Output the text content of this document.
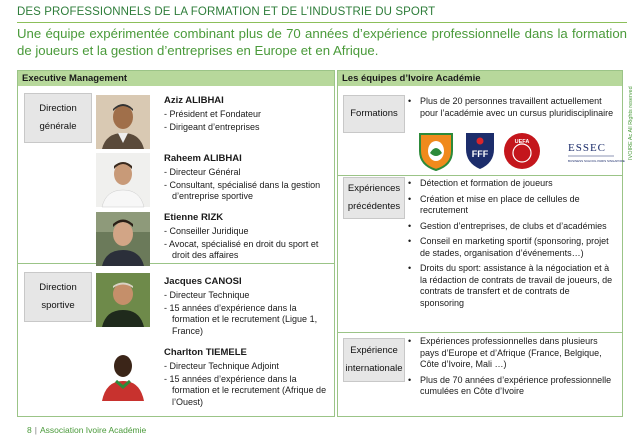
DES PROFESSIONNELS DE LA FORMATION ET DE L’INDUSTRIE DU SPORT
Une équipe expérimentée combinant plus de 70 années d’expérience professionnelle dans la formation de joueurs et la gestion d’entreprises en Europe et en Afrique.
Executive Management
Direction
générale
Direction
sportive
Aziz ALIBHAI
- Président et Fondateur
- Dirigeant d’entreprises
Raheem ALIBHAI
- Directeur Général
- Consultant, spécialisé dans la gestion d’entreprise sportive
Etienne RIZK
- Conseiller Juridique
- Avocat, spécialisé en droit du sport et droit des affaires
Jacques CANOSI
- Directeur Technique
- 15 années d’expérience dans la formation et le recrutement (Ligue 1, France)
Charlton TIEMELE
- Directeur Technique Adjoint
- 15 années d’expérience dans la formation et le recrutement (Afrique de l’Ouest)
Les équipes d’Ivoire Académie
Formations
Expériences
précédentes
Expérience
internationale
• Plus de 20 personnes travaillent actuellement pour l’académie avec un cursus pluridisciplinaire
FFF
UEFA	ESSEC
BUSINESS SCHOOL PARIS SINGAPORE
• Détection et formation de joueurs
• Création et mise en place de cellules de recrutement
• Gestion d’entreprises, de clubs et d’académies
• Conseil en marketing sportif (sponsoring, projet de stades, organisation d’événements…)
• Droits du sport: assistance à la négociation et à la rédaction de contrats de travail de joueurs, de contrats de transfert et de contrats de sponsoring
• Expériences professionnelles dans plusieurs pays d’Europe et d’Afrique (France, Belgique, Côte d’Ivoire, Mali …)
• Plus de 70 années d’expérience professionnelle cumulées en Côte d’Ivoire
IVOIRE Ac All Rights reserved
8 | Association Ivoire Académie
